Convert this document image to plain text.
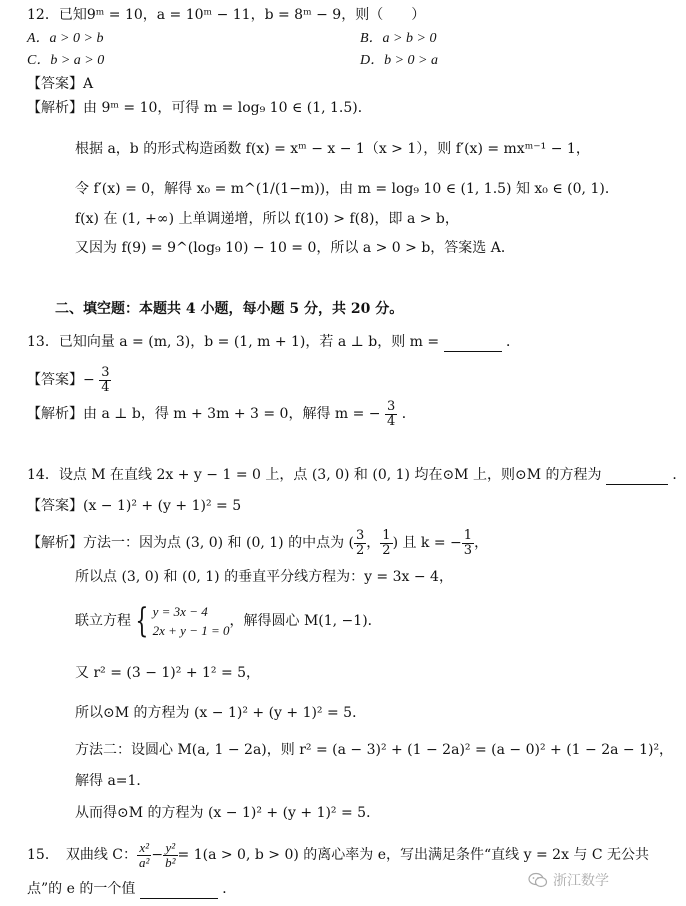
12．已知9ᵐ = 10，a = 10ᵐ − 11，b = 8ᵐ − 9，则（　　）
A．a > 0 > b	B．a > b > 0
C．b > a > 0	D．b > 0 > a
【答案】A
【解析】由 9ᵐ = 10，可得 m = log₉ 10 ∈ (1, 1.5)．
根据 a，b 的形式构造函数 f(x) = xᵐ − x − 1（x > 1），则 f′(x) = mxᵐ⁻¹ − 1，
令 f′(x) = 0，解得 x₀ = m^(1/(1−m))，由 m = log₉ 10 ∈ (1, 1.5) 知 x₀ ∈ (0, 1)．
f(x) 在 (1, +∞) 上单调递增，所以 f(10) > f(8)，即 a > b，
又因为 f(9) = 9^(log₉ 10) − 10 = 0，所以 a > 0 > b，答案选 A．
二、填空题：本题共 4 小题，每小题 5 分，共 20 分。
13．已知向量 a = (m, 3)，b = (1, m + 1)，若 a ⊥ b，则 m =	．
【答案】− $\frac{3}{4}$
【解析】由 a ⊥ b，得 m + 3m + 3 = 0，解得 m = − $\frac{3}{4}$ ．
14．设点 M 在直线 2x + y − 1 = 0 上，点 (3, 0) 和 (0, 1) 均在⊙M 上，则⊙M 的方程为	．
【答案】(x − 1)² + (y + 1)² = 5
【解析】方法一：因为点 (3, 0) 和 (0, 1) 的中点为 ( $\frac{3}{2}$ ， $\frac{1}{2}$ ) 且 k = − $\frac{1}{3}$ ，
所以点 (3, 0) 和 (0, 1) 的垂直平分线方程为：y = 3x − 4，
联立方程 { y = 3x − 4
2x + y − 1 = 0
，解得圆心 M(1, −1)．
又 r² = (3 − 1)² + 1² = 5，
所以⊙M 的方程为 (x − 1)² + (y + 1)² = 5．
方法二：设圆心 M(a, 1 − 2a)，则 r² = (a − 3)² + (1 − 2a)² = (a − 0)² + (1 − 2a − 1)²，
解得 a=1．
从而得⊙M 的方程为 (x − 1)² + (y + 1)² = 5．
15．　双曲线 C： $\frac{\text{x²}}{\text{a²}} - \frac{\text{y²}}{\text{b²}} = 1(a > 0$, b > 0) 的离心率为 e，写出满足条件“直线 y = 2x 与 C 无公共
点”的 e 的一个值	．	浙江数学
